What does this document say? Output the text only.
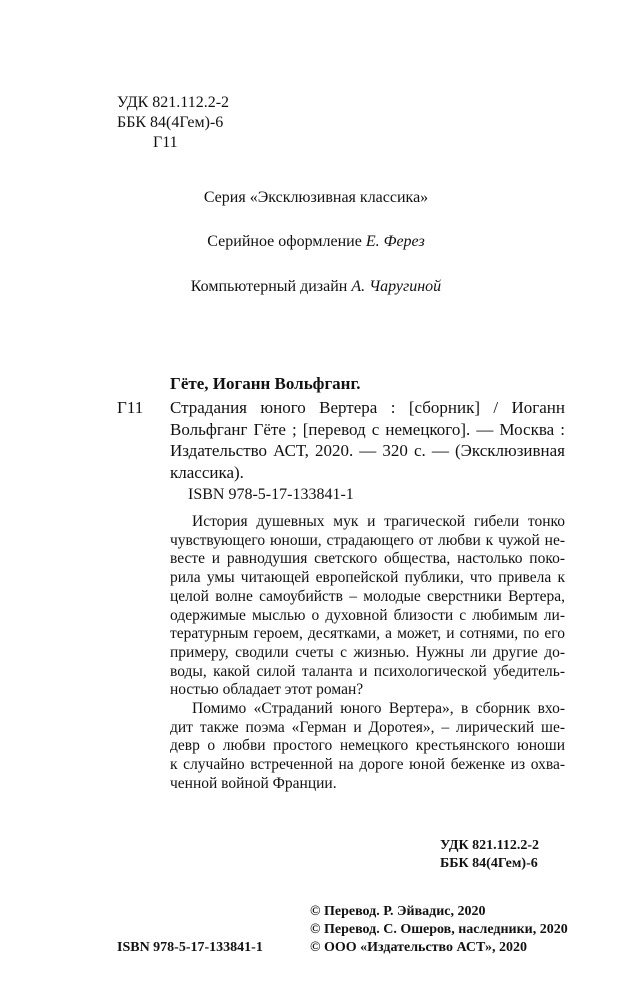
УДК 821.112.2-2
ББК 84(4Гем)-6
Г11
Серия «Эксклюзивная классика»
Серийное оформление Е. Ферез
Компьютерный дизайн А. Чаругиной
Гёте, Иоганн Вольфганг.
Г11 Страдания юного Вертера : [сборник] / Иоганн
Вольфганг Гёте ; [перевод с немецкого]. — Москва :
Издательство АСТ, 2020. — 320 с. — (Эксклюзивная
классика).
ISBN 978-5-17-133841-1
История душевных мук и трагической гибели тонко
чувствующего юноши, страдающего от любви к чужой не-
весте и равнодушия светского общества, настолько поко-
рила умы читающей европейской публики, что привела к
целой волне самоубийств – молодые сверстники Вертера,
одержимые мыслью о духовной близости с любимым ли-
тературным героем, десятками, а может, и сотнями, по его
примеру, сводили счеты с жизнью. Нужны ли другие до-
воды, какой силой таланта и психологической убедитель-
ностью обладает этот роман?
Помимо «Страданий юного Вертера», в сборник вхо-
дит также поэма «Герман и Доротея», – лирический ше-
девр о любви простого немецкого крестьянского юноши
к случайно встреченной на дороге юной беженке из охва-
ченной войной Франции.
УДК 821.112.2-2
ББК 84(4Гем)-6
© Перевод. Р. Эйвадис, 2020
© Перевод. С. Ошеров, наследники, 2020
ISBN 978-5-17-133841-1	© ООО «Издательство АСТ», 2020
